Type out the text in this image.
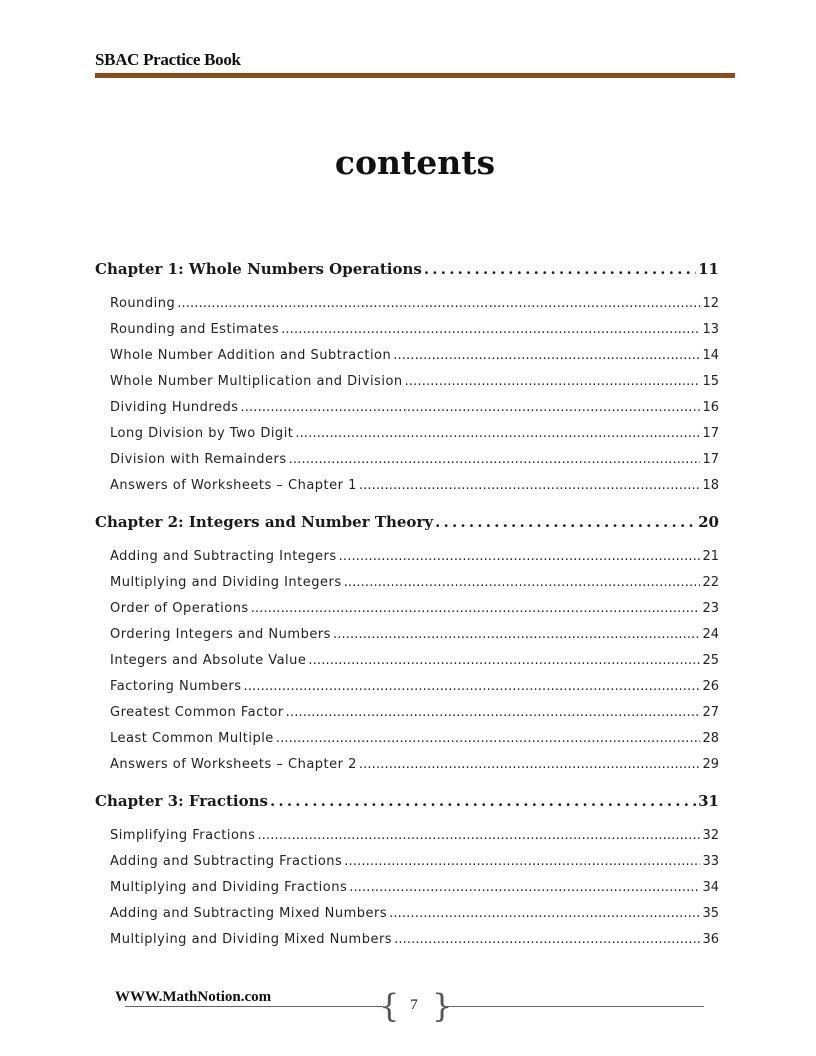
SBAC Practice Book
contents
Chapter 1: Whole Numbers Operations . . .	11
Rounding . . .	12
Rounding and Estimates . . .	13
Whole Number Addition and Subtraction . . .	14
Whole Number Multiplication and Division . . .	15
Dividing Hundreds . . .	16
Long Division by Two Digit . . .	17
Division with Remainders . . .	17
Answers of Worksheets – Chapter 1 . . .	18
Chapter 2: Integers and Number Theory . . .	20
Adding and Subtracting Integers . . .	21
Multiplying and Dividing Integers . . .	22
Order of Operations . . .	23
Ordering Integers and Numbers . . .	24
Integers and Absolute Value . . .	25
Factoring Numbers . . .	26
Greatest Common Factor . . .	27
Least Common Multiple . . .	28
Answers of Worksheets – Chapter 2 . . .	29
Chapter 3: Fractions . . .	31
Simplifying Fractions . . .	32
Adding and Subtracting Fractions . . .	33
Multiplying and Dividing Fractions . . .	34
Adding and Subtracting Mixed Numbers . . .	35
Multiplying and Dividing Mixed Numbers . . .	36
WWW.MathNotion.com	{ 7 }
